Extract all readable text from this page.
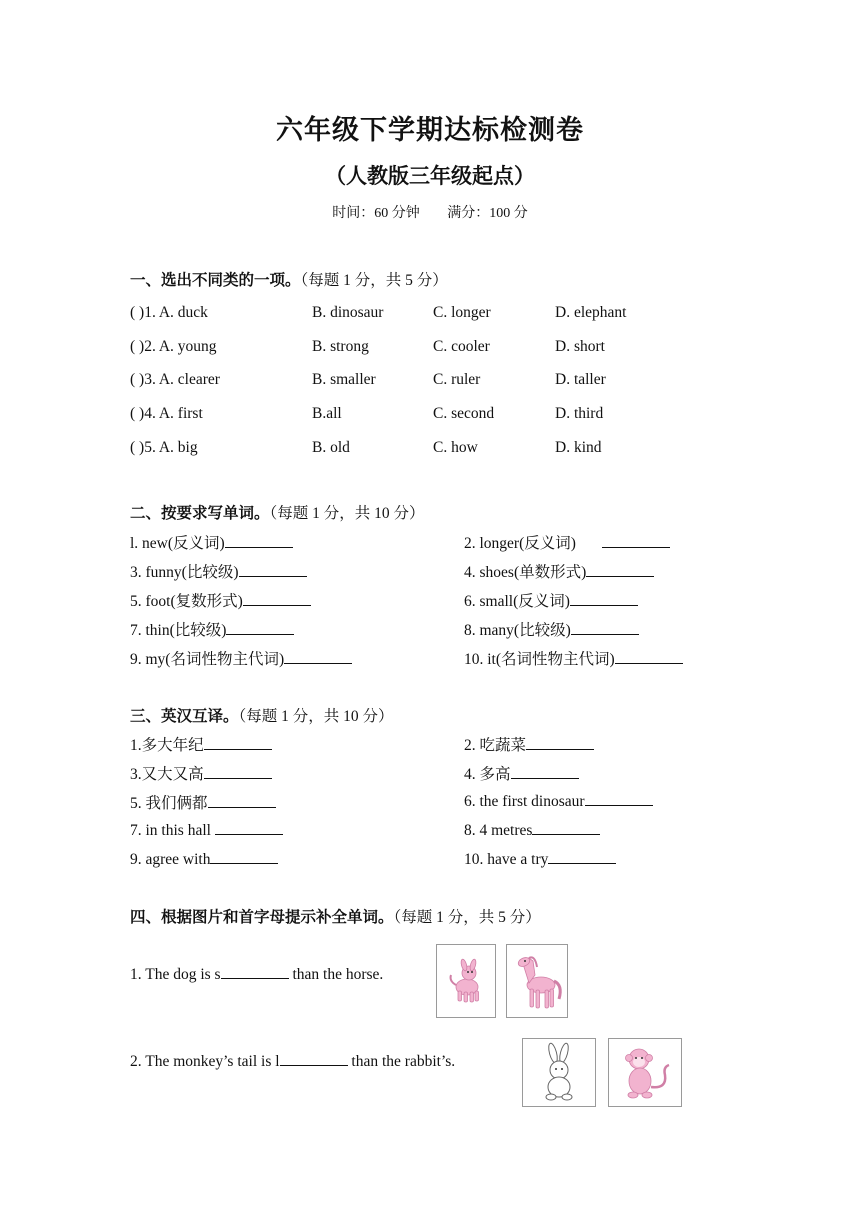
六年级下学期达标检测卷
（人教版三年级起点）
时间：60 分钟 满分：100 分
一、选出不同类的一项。（每题 1 分，共 5 分）
( )1. A. duck	B. dinosaur	C. longer	D. elephant
( )2. A. young	B. strong	C. cooler	D. short
( )3. A. clearer	B. smaller	C. ruler	D. taller
( )4. A. first	B.all	C. second	D. third
( )5. A. big	B. old	C. how	D. kind
二、按要求写单词。（每题 1 分，共 10 分）
l. new(反义词)	2. longer(反义词)
3. funny(比较级)	4. shoes(单数形式)
5. foot(复数形式)	6. small(反义词)
7. thin(比较级)	8. many(比较级)
9. my(名词性物主代词)	10. it(名词性物主代词)
三、英汉互译。（每题 1 分，共 10 分）
1.多大年纪	2. 吃蔬菜
3.又大又高	4. 多高
5. 我们俩都	6. the first dinosaur
7. in this hall	8. 4 metres
9. agree with	10. have a try
四、根据图片和首字母提示补全单词。（每题 1 分，共 5 分）
1. The dog is s	than the horse.
2. The monkey’s tail is l	than the rabbit’s.
